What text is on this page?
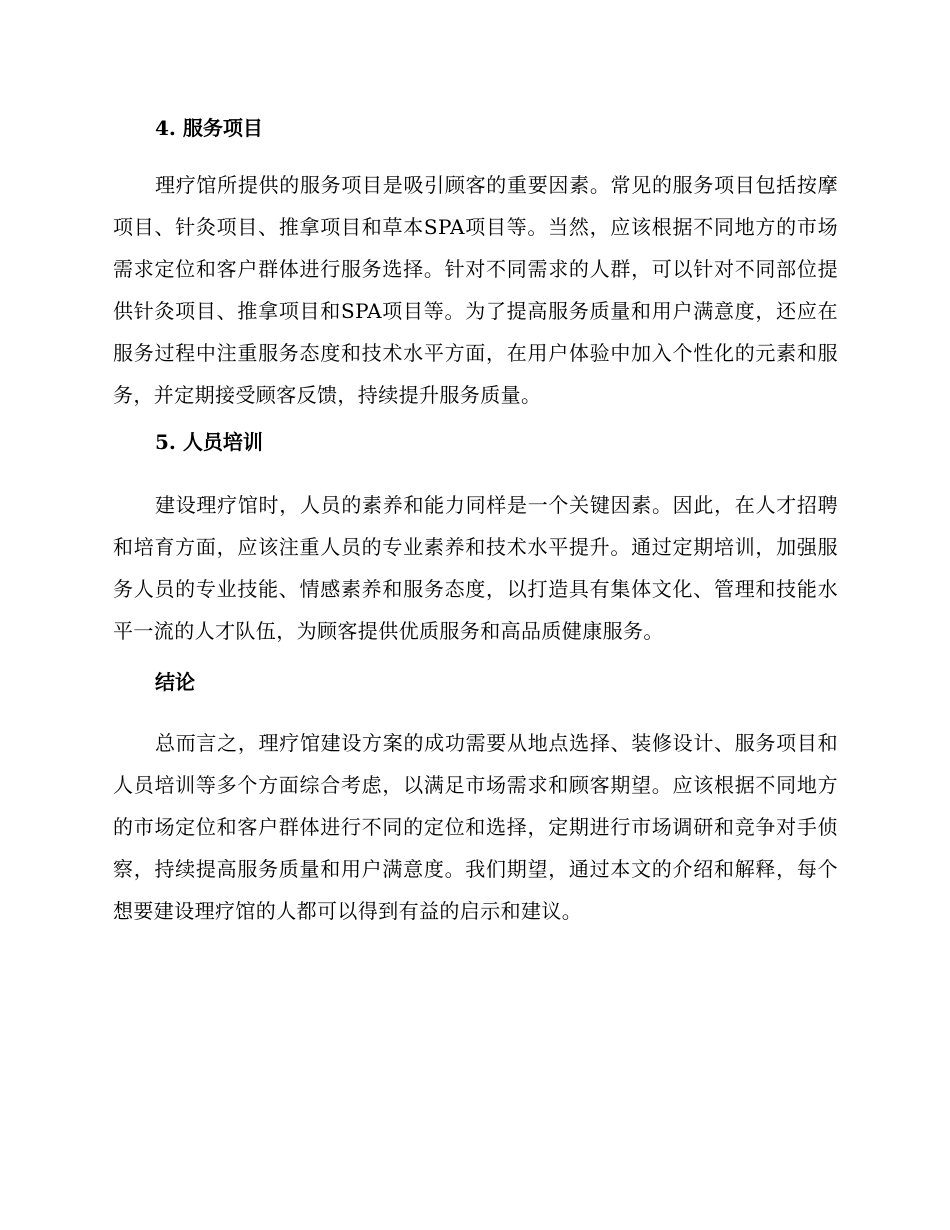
4. 服务项目

理疗馆所提供的服务项目是吸引顾客的重要因素。常见的服务项目包括按摩项目、针灸项目、推拿项目和草本SPA项目等。当然，应该根据不同地方的市场需求定位和客户群体进行服务选择。针对不同需求的人群，可以针对不同部位提供针灸项目、推拿项目和SPA项目等。为了提高服务质量和用户满意度，还应在服务过程中注重服务态度和技术水平方面，在用户体验中加入个性化的元素和服务，并定期接受顾客反馈，持续提升服务质量。

5. 人员培训

建设理疗馆时，人员的素养和能力同样是一个关键因素。因此，在人才招聘和培育方面，应该注重人员的专业素养和技术水平提升。通过定期培训，加强服务人员的专业技能、情感素养和服务态度，以打造具有集体文化、管理和技能水平一流的人才队伍，为顾客提供优质服务和高品质健康服务。

结论

总而言之，理疗馆建设方案的成功需要从地点选择、装修设计、服务项目和人员培训等多个方面综合考虑，以满足市场需求和顾客期望。应该根据不同地方的市场定位和客户群体进行不同的定位和选择，定期进行市场调研和竞争对手侦察，持续提高服务质量和用户满意度。我们期望，通过本文的介绍和解释，每个想要建设理疗馆的人都可以得到有益的启示和建议。
